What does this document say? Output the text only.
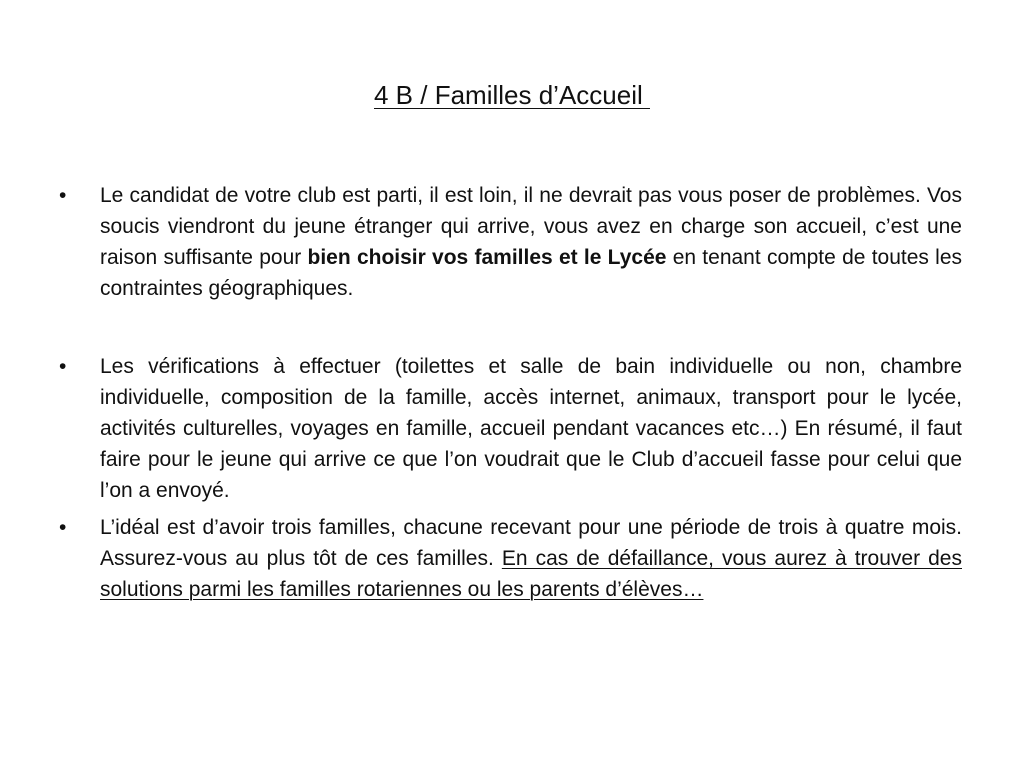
4 B / Familles d’Accueil
•	Le candidat de votre club est parti, il est loin, il ne devrait pas vous poser de problèmes. Vos soucis viendront du jeune étranger qui arrive, vous avez en charge son accueil, c’est une raison suffisante pour bien choisir vos familles et le Lycée en tenant compte de toutes les contraintes géographiques.
•	Les vérifications à effectuer (toilettes et salle de bain individuelle ou non, chambre individuelle, composition de la famille, accès internet, animaux, transport pour le lycée, activités culturelles, voyages en famille, accueil pendant vacances etc…) En résumé, il faut faire pour le jeune qui arrive ce que l’on voudrait que le Club d’accueil fasse pour celui que l’on a envoyé.
•	L’idéal est d’avoir trois familles, chacune recevant pour une période de trois à quatre mois. Assurez-vous au plus tôt de ces familles. En cas de défaillance, vous aurez à trouver des solutions parmi les familles rotariennes ou les parents d’élèves…
